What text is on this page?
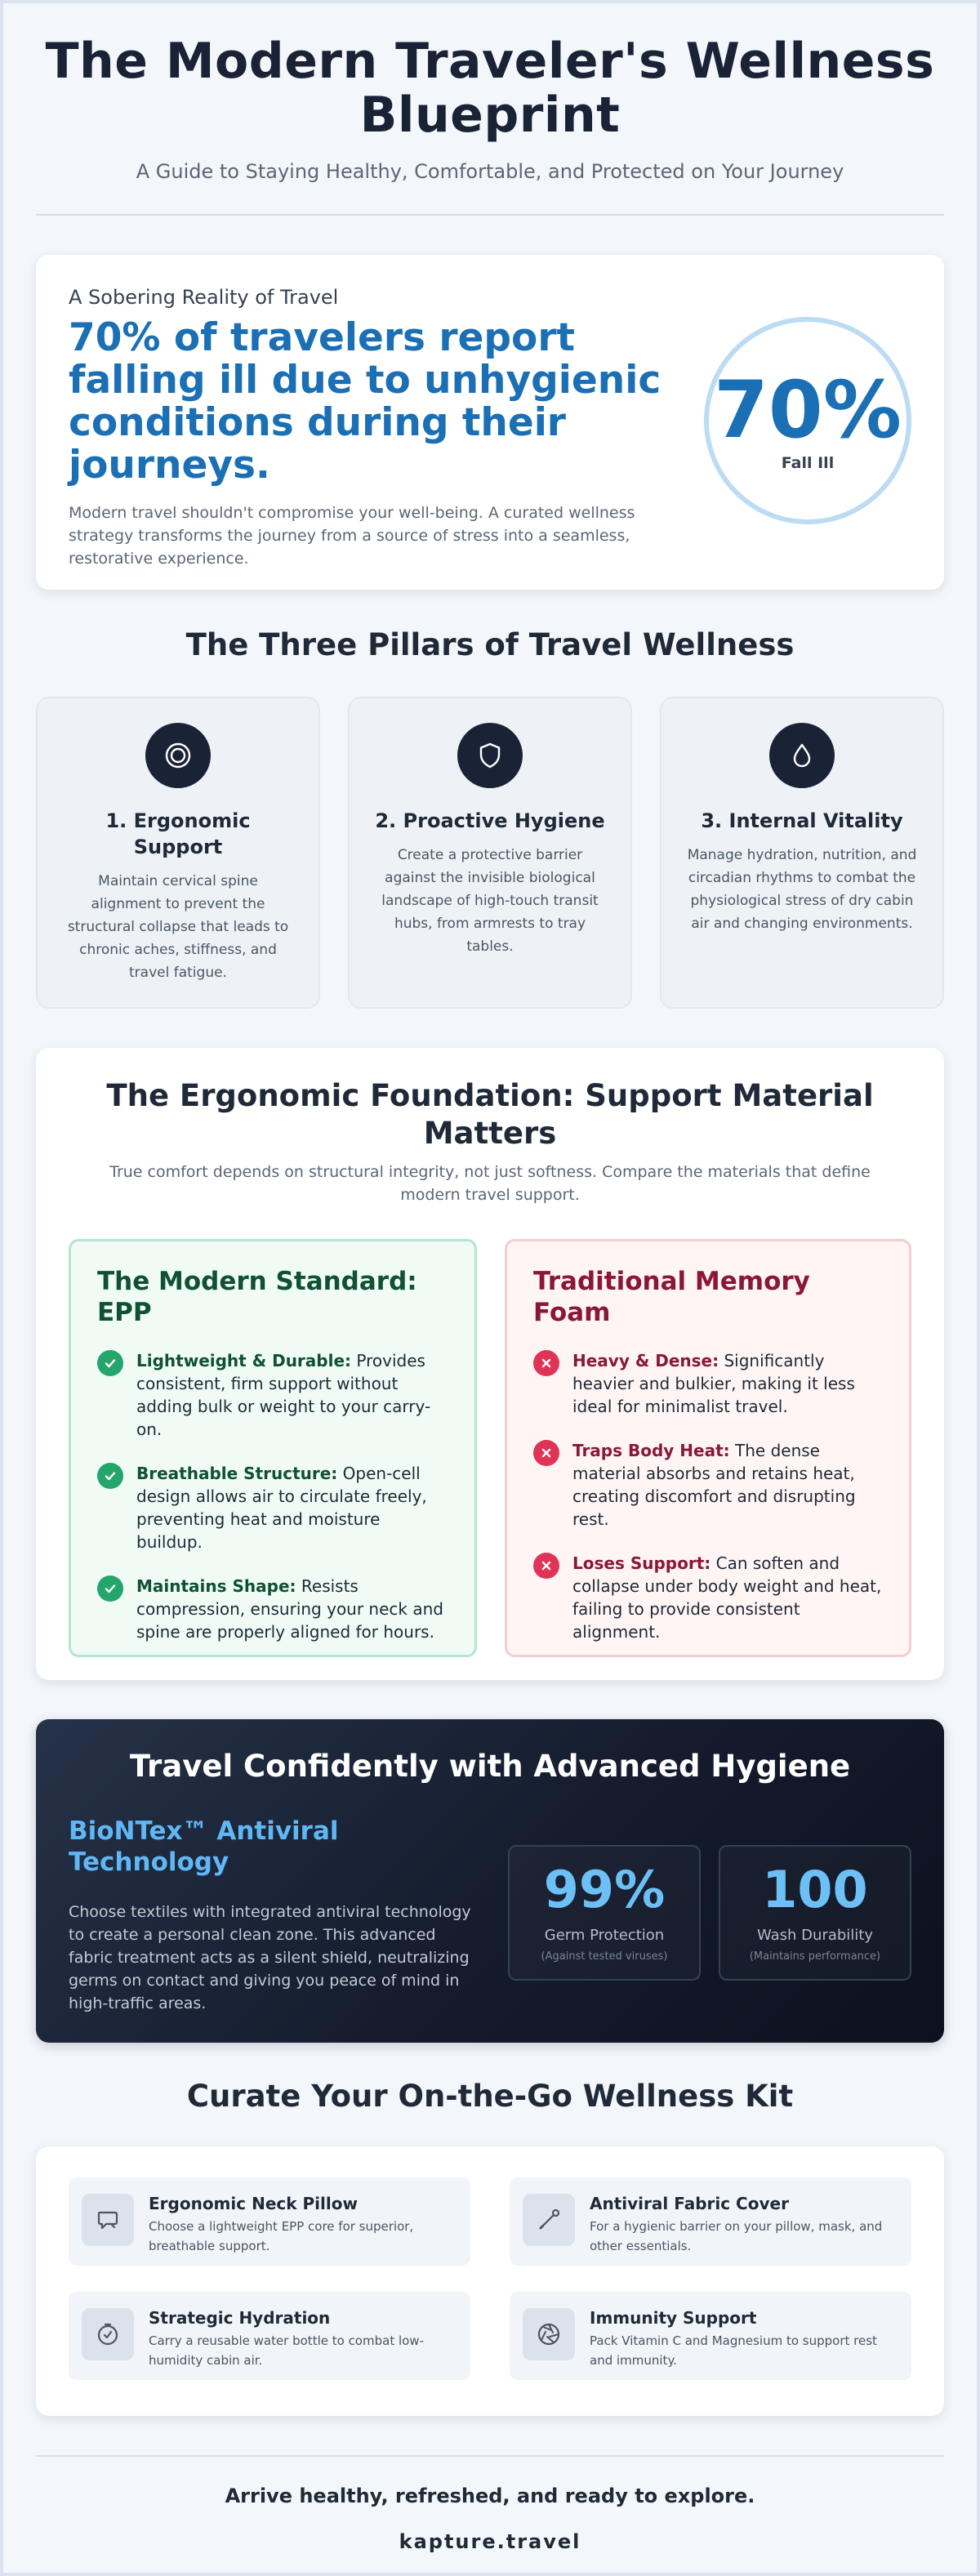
The Modern Traveler's Wellness Blueprint

A Guide to Staying Healthy, Comfortable, and Protected on Your Journey

A Sobering Reality of Travel
70% of travelers report falling ill due to unhygienic conditions during their journeys.
Modern travel shouldn't compromise your well-being. A curated wellness strategy transforms the journey from a source of stress into a seamless, restorative experience.
70%
Fall Ill
The Three Pillars of Travel Wellness
1. Ergonomic Support
Maintain cervical spine alignment to prevent the structural collapse that leads to chronic aches, stiffness, and travel fatigue.
2. Proactive Hygiene
Create a protective barrier against the invisible biological landscape of high-touch transit hubs, from armrests to tray tables.
3. Internal Vitality
Manage hydration, nutrition, and circadian rhythms to combat the physiological stress of dry cabin air and changing environments.
The Ergonomic Foundation: Support Material Matters

True comfort depends on structural integrity, not just softness. Compare the materials that define modern travel support.

The Modern Standard: EPP
Lightweight & Durable: Provides consistent, firm support without adding bulk or weight to your carry-on.
Breathable Structure: Open-cell design allows air to circulate freely, preventing heat and moisture buildup.
Maintains Shape: Resists compression, ensuring your neck and spine are properly aligned for hours.
Traditional Memory Foam
Heavy & Dense: Significantly heavier and bulkier, making it less ideal for minimalist travel.
Traps Body Heat: The dense material absorbs and retains heat, creating discomfort and disrupting rest.
Loses Support: Can soften and collapse under body weight and heat, failing to provide consistent alignment.
Travel Confidently with Advanced Hygiene
BioNTex™ Antiviral Technology

Choose textiles with integrated antiviral technology to create a personal clean zone. This advanced fabric treatment acts as a silent shield, neutralizing germs on contact and giving you peace of mind in high-traffic areas.

99%
Germ Protection
(Against tested viruses)
100
Wash Durability
(Maintains performance)
Curate Your On-the-Go Wellness Kit
Ergonomic Neck Pillow
Choose a lightweight EPP core for superior, breathable support.
Antiviral Fabric Cover
For a hygienic barrier on your pillow, mask, and other essentials.
Strategic Hydration
Carry a reusable water bottle to combat low-humidity cabin air.
Immunity Support
Pack Vitamin C and Magnesium to support rest and immunity.
Arrive healthy, refreshed, and ready to explore.
kapture.travel
